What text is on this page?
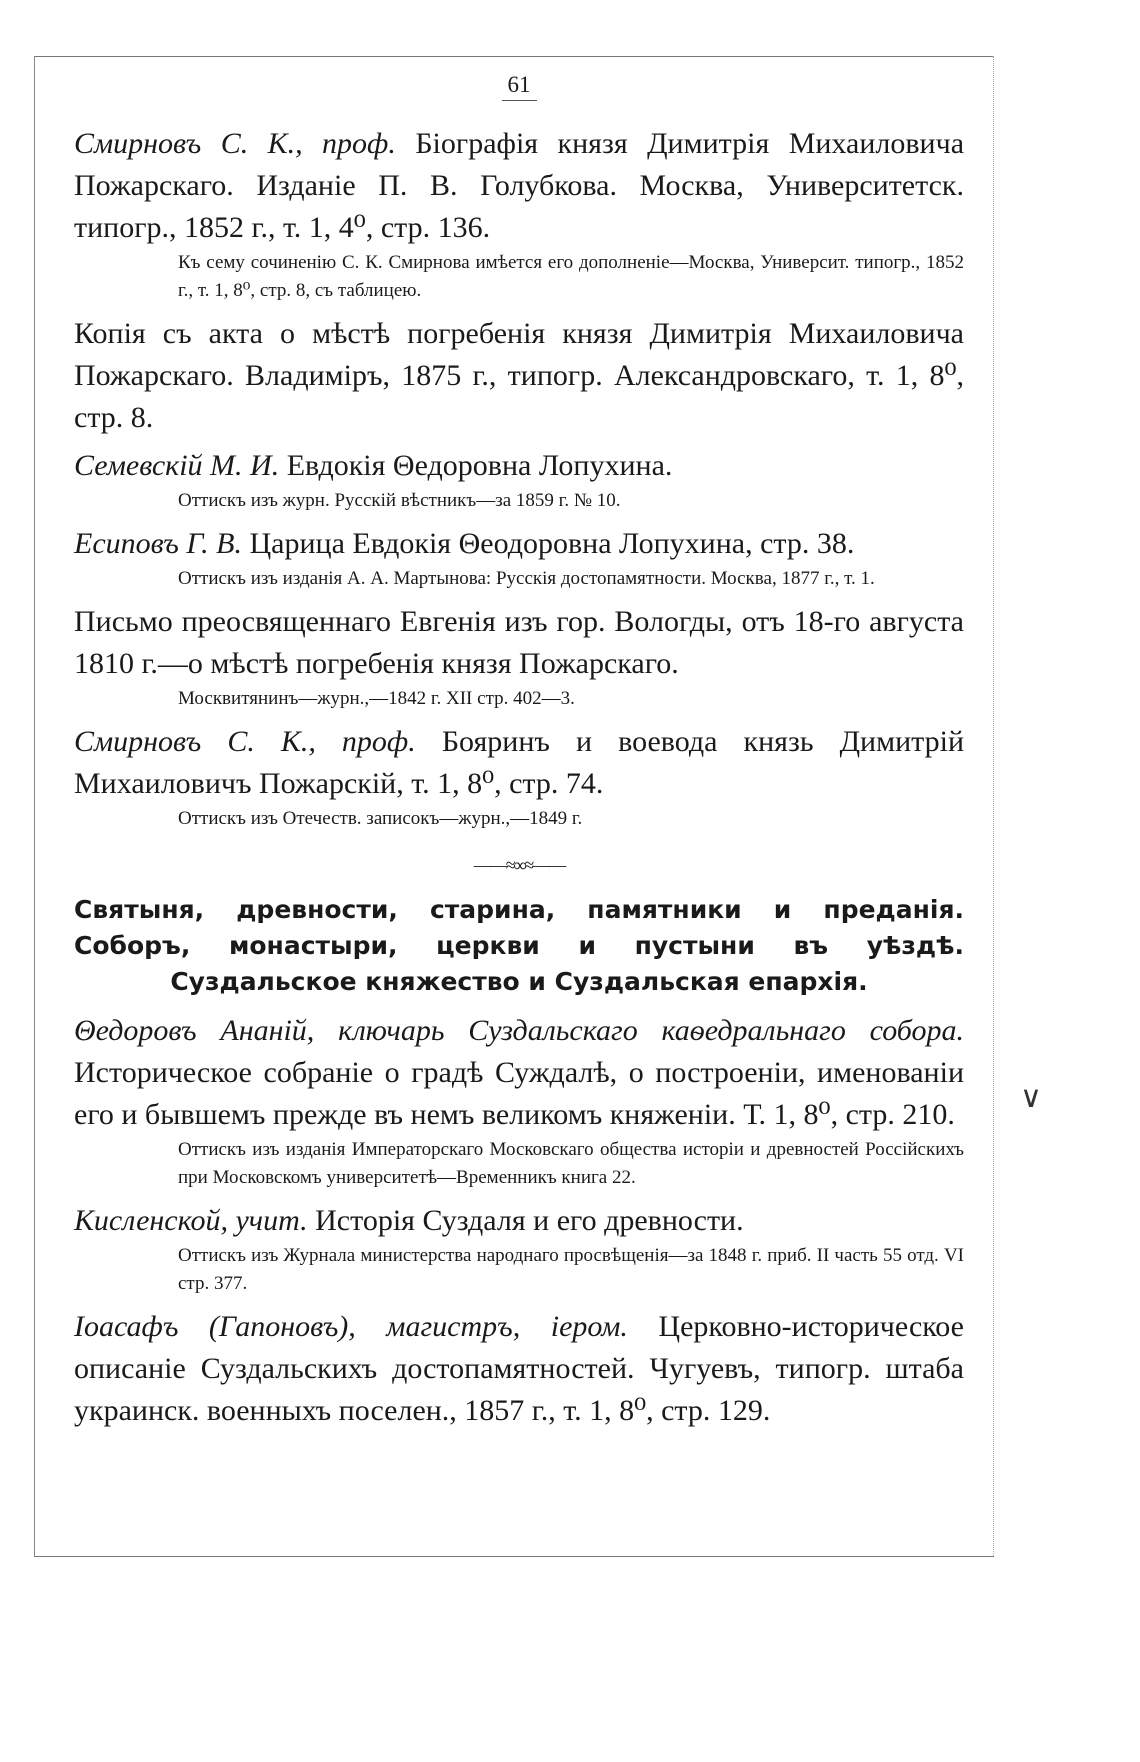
61
Смирновъ С. К., проф. Біографія князя Димитрія Михаиловича Пожарскаго. Изданіе П. В. Голубкова. Москва, Университетск. типогр., 1852 г., т. 1, 4⁰, стр. 136.
Къ сему сочиненію С. К. Смирнова имѣется его дополненіе—Москва, Университ. типогр., 1852 г., т. 1, 8⁰, стр. 8, съ таблицею.
Копія съ акта о мѣстѣ погребенія князя Димитрія Михаиловича Пожарскаго. Владиміръ, 1875 г., типогр. Александровскаго, т. 1, 8⁰, стр. 8.
Семевскій М. И. Евдокія Θедоровна Лопухина.
Оттискъ изъ журн. Русскій вѣстникъ—за 1859 г. № 10.
Есиповъ Г. В. Царица Евдокія Θеодоровна Лопухина, стр. 38.
Оттискъ изъ изданія А. А. Мартынова: Русскія достопамятности. Москва, 1877 г., т. 1.
Письмо преосвященнаго Евгенія изъ гор. Вологды, отъ 18-го августа 1810 г.—о мѣстѣ погребенія князя Пожарскаго.
Москвитянинъ—журн.,—1842 г. XII стр. 402—3.
Смирновъ С. К., проф. Бояринъ и воевода князь Димитрій Михаиловичъ Пожарскій, т. 1, 8⁰, стр. 74.
Оттискъ изъ Отечеств. записокъ—журн.,—1849 г.
——≈∞≈——
Святыня, древности, старина, памятники и преданія. Соборъ, монастыри, церкви и пустыни въ уѣздѣ. Суздальское княжество и Суздальская епархія.
Θедоровъ Ананій, ключарь Суздальскаго каѳедральнаго собора. Историческое собраніе о градѣ Суждалѣ, о построеніи, именованіи его и бывшемъ прежде въ немъ великомъ княженіи. Т. 1, 8⁰, стр. 210.
Оттискъ изъ изданія Императорскаго Московскаго общества исторіи и древностей Россійскихъ при Московскомъ университетѣ—Временникъ книга 22.
Кисленской, учит. Исторія Суздаля и его древности.
Оттискъ изъ Журнала министерства народнаго просвѣщенія—за 1848 г. приб. II часть 55 отд. VI стр. 377.
Іоасафъ (Гапоновъ), магистръ, іером. Церковно-историческое описаніе Суздальскихъ достопамятностей. Чугуевъ, типогр. штаба украинск. военныхъ поселен., 1857 г., т. 1, 8⁰, стр. 129.
∨
